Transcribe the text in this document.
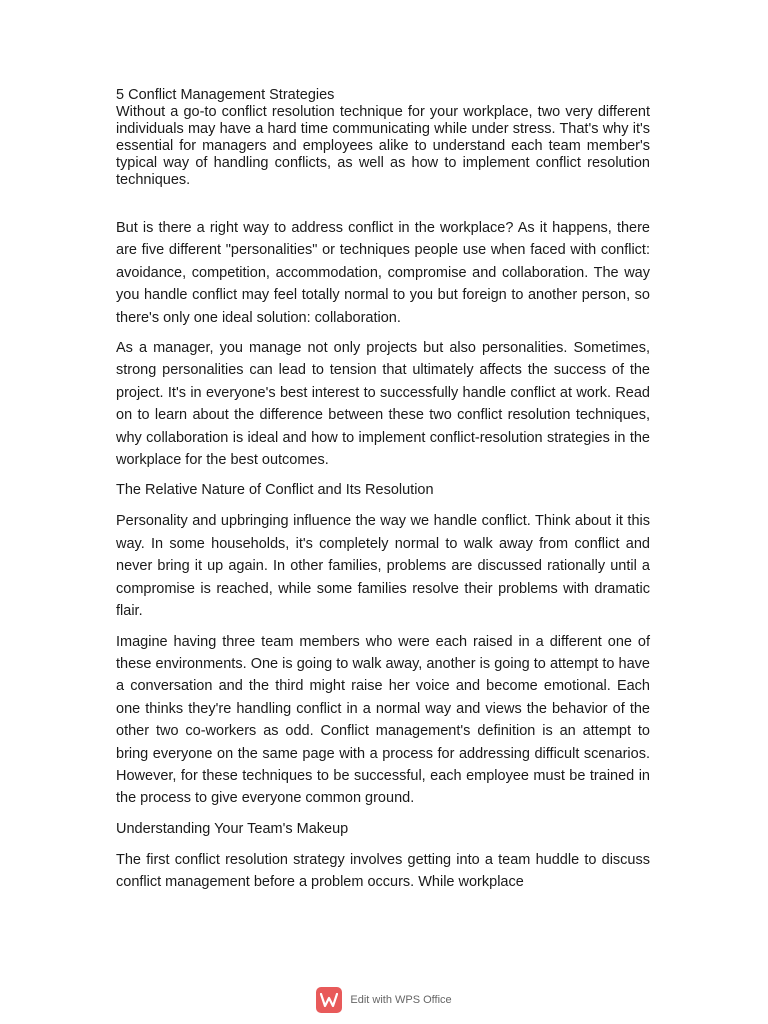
5 Conflict Management Strategies

Without a go-to conflict resolution technique for your workplace, two very different individuals may have a hard time communicating while under stress. That's why it's essential for managers and employees alike to understand each team member's typical way of handling conflicts, as well as how to implement conflict resolution techniques.

But is there a right way to address conflict in the workplace? As it happens, there are five different "personalities" or techniques people use when faced with conflict: avoidance, competition, accommodation, compromise and collaboration. The way you handle conflict may feel totally normal to you but foreign to another person, so there's only one ideal solution: collaboration.

As a manager, you manage not only projects but also personalities. Sometimes, strong personalities can lead to tension that ultimately affects the success of the project. It's in everyone's best interest to successfully handle conflict at work. Read on to learn about the difference between these two conflict resolution techniques, why collaboration is ideal and how to implement conflict-resolution strategies in the workplace for the best outcomes.

The Relative Nature of Conflict and Its Resolution

Personality and upbringing influence the way we handle conflict. Think about it this way. In some households, it's completely normal to walk away from conflict and never bring it up again. In other families, problems are discussed rationally until a compromise is reached, while some families resolve their problems with dramatic flair.

Imagine having three team members who were each raised in a different one of these environments. One is going to walk away, another is going to attempt to have a conversation and the third might raise her voice and become emotional. Each one thinks they're handling conflict in a normal way and views the behavior of the other two co-workers as odd. Conflict management's definition is an attempt to bring everyone on the same page with a process for addressing difficult scenarios. However, for these techniques to be successful, each employee must be trained in the process to give everyone common ground.

Understanding Your Team's Makeup

The first conflict resolution strategy involves getting into a team huddle to discuss conflict management before a problem occurs. While workplace

Edit with WPS Office
